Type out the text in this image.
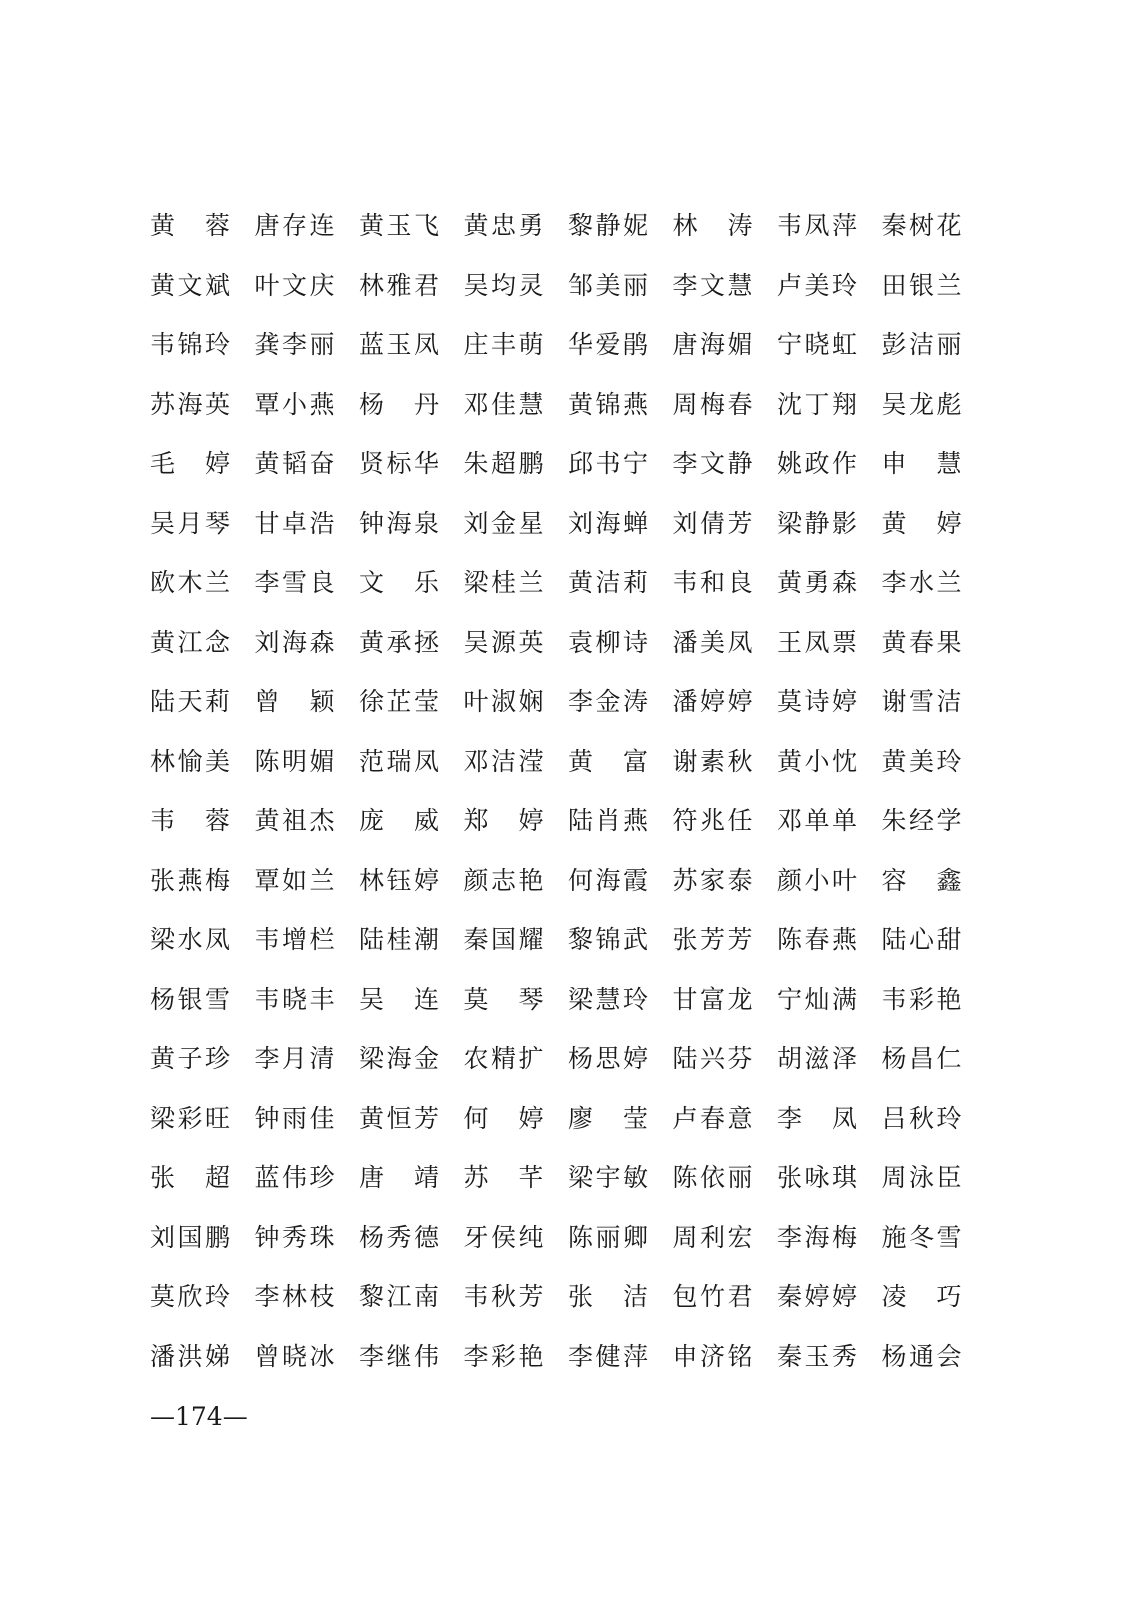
黄 蓉 唐 存 连 黄 玉 飞 黄 忠 勇 黎 静 妮 林 涛 韦 凤 萍 秦 树 花
黄 文 斌 叶 文 庆 林 雅 君 吴 均 灵 邹 美 丽 李 文 慧 卢 美 玲 田 银 兰
韦 锦 玲 龚 李 丽 蓝 玉 凤 庄 丰 萌 华 爱 鹃 唐 海 媚 宁 晓 虹 彭 洁 丽
苏 海 英 覃 小 燕 杨 丹 邓 佳 慧 黄 锦 燕 周 梅 春 沈 丁 翔 吴 龙 彪
毛 婷 黄 韬 奋 贤 标 华 朱 超 鹏 邱 书 宁 李 文 静 姚 政 作 申 慧
吴 月 琴 甘 卓 浩 钟 海 泉 刘 金 星 刘 海 蝉 刘 倩 芳 梁 静 影 黄 婷
欧 木 兰 李 雪 良 文 乐 梁 桂 兰 黄 洁 莉 韦 和 良 黄 勇 森 李 水 兰
黄 江 念 刘 海 森 黄 承 拯 吴 源 英 袁 柳 诗 潘 美 凤 王 凤 票 黄 春 果
陆 天 莉 曾 颖 徐 芷 莹 叶 淑 娴 李 金 涛 潘 婷 婷 莫 诗 婷 谢 雪 洁
林 愉 美 陈 明 媚 范 瑞 凤 邓 洁 滢 黄 富 谢 素 秋 黄 小 忱 黄 美 玲
韦 蓉 黄 祖 杰 庞 威 郑 婷 陆 肖 燕 符 兆 任 邓 单 单 朱 经 学
张 燕 梅 覃 如 兰 林 钰 婷 颜 志 艳 何 海 霞 苏 家 泰 颜 小 叶 容 鑫
梁 水 凤 韦 增 栏 陆 桂 潮 秦 国 耀 黎 锦 武 张 芳 芳 陈 春 燕 陆 心 甜
杨 银 雪 韦 晓 丰 吴 连 莫 琴 梁 慧 玲 甘 富 龙 宁 灿 满 韦 彩 艳
黄 子 珍 李 月 清 梁 海 金 农 精 扩 杨 思 婷 陆 兴 芬 胡 滋 泽 杨 昌 仁
梁 彩 旺 钟 雨 佳 黄 恒 芳 何 婷 廖 莹 卢 春 意 李 凤 吕 秋 玲
张 超 蓝 伟 珍 唐 靖 苏 芊 梁 宇 敏 陈 依 丽 张 咏 琪 周 泳 臣
刘 国 鹏 钟 秀 珠 杨 秀 德 牙 侯 纯 陈 丽 卿 周 利 宏 李 海 梅 施 冬 雪
莫 欣 玲 李 林 枝 黎 江 南 韦 秋 芳 张 洁 包 竹 君 秦 婷 婷 凌 巧
潘 洪 娣 曾 晓 冰 李 继 伟 李 彩 艳 李 健 萍 申 济 铭 秦 玉 秀 杨 通 会
—174—
